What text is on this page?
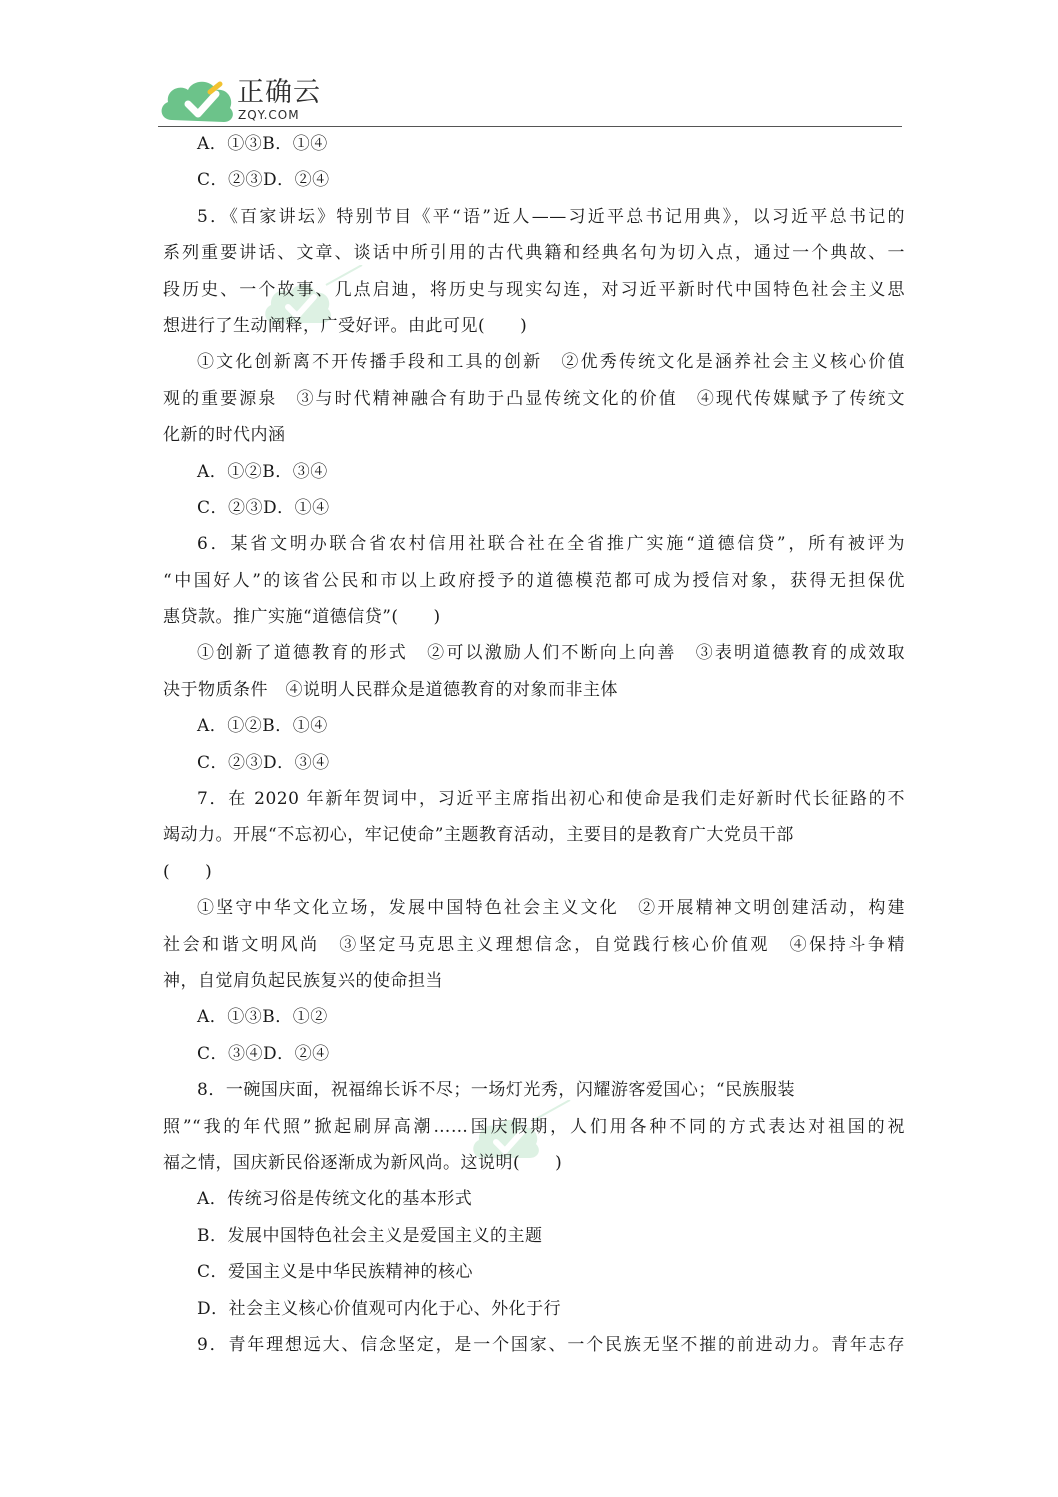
正确云
ZQY.COM
A．①③B．①④
C．②③D．②④
5．《百家讲坛》特别节目《平“语”近人——习近平总书记用典》，以习近平总书记的
系列重要讲话、文章、谈话中所引用的古代典籍和经典名句为切入点，通过一个典故、一
段历史、一个故事、几点启迪，将历史与现实勾连，对习近平新时代中国特色社会主义思
想进行了生动阐释，广受好评。由此可见(　　)
①文化创新离不开传播手段和工具的创新　②优秀传统文化是涵养社会主义核心价值
观的重要源泉　③与时代精神融合有助于凸显传统文化的价值　④现代传媒赋予了传统文
化新的时代内涵
A．①②B．③④
C．②③D．①④
6．某省文明办联合省农村信用社联合社在全省推广实施“道德信贷”，所有被评为
“中国好人”的该省公民和市以上政府授予的道德模范都可成为授信对象，获得无担保优
惠贷款。推广实施“道德信贷”(　　)
①创新了道德教育的形式　②可以激励人们不断向上向善　③表明道德教育的成效取
决于物质条件　④说明人民群众是道德教育的对象而非主体
A．①②B．①④
C．②③D．③④
7．在 2020 年新年贺词中，习近平主席指出初心和使命是我们走好新时代长征路的不
竭动力。开展“不忘初心，牢记使命”主题教育活动，主要目的是教育广大党员干部
(　　)
①坚守中华文化立场，发展中国特色社会主义文化　②开展精神文明创建活动，构建
社会和谐文明风尚　③坚定马克思主义理想信念，自觉践行核心价值观　④保持斗争精
神，自觉肩负起民族复兴的使命担当
A．①③B．①②
C．③④D．②④
8．一碗国庆面，祝福绵长诉不尽；一场灯光秀，闪耀游客爱国心；“民族服装
照”“我的年代照”掀起刷屏高潮……国庆假期，人们用各种不同的方式表达对祖国的祝
福之情，国庆新民俗逐渐成为新风尚。这说明(　　)
A．传统习俗是传统文化的基本形式
B．发展中国特色社会主义是爱国主义的主题
C．爱国主义是中华民族精神的核心
D．社会主义核心价值观可内化于心、外化于行
9．青年理想远大、信念坚定，是一个国家、一个民族无坚不摧的前进动力。青年志存
